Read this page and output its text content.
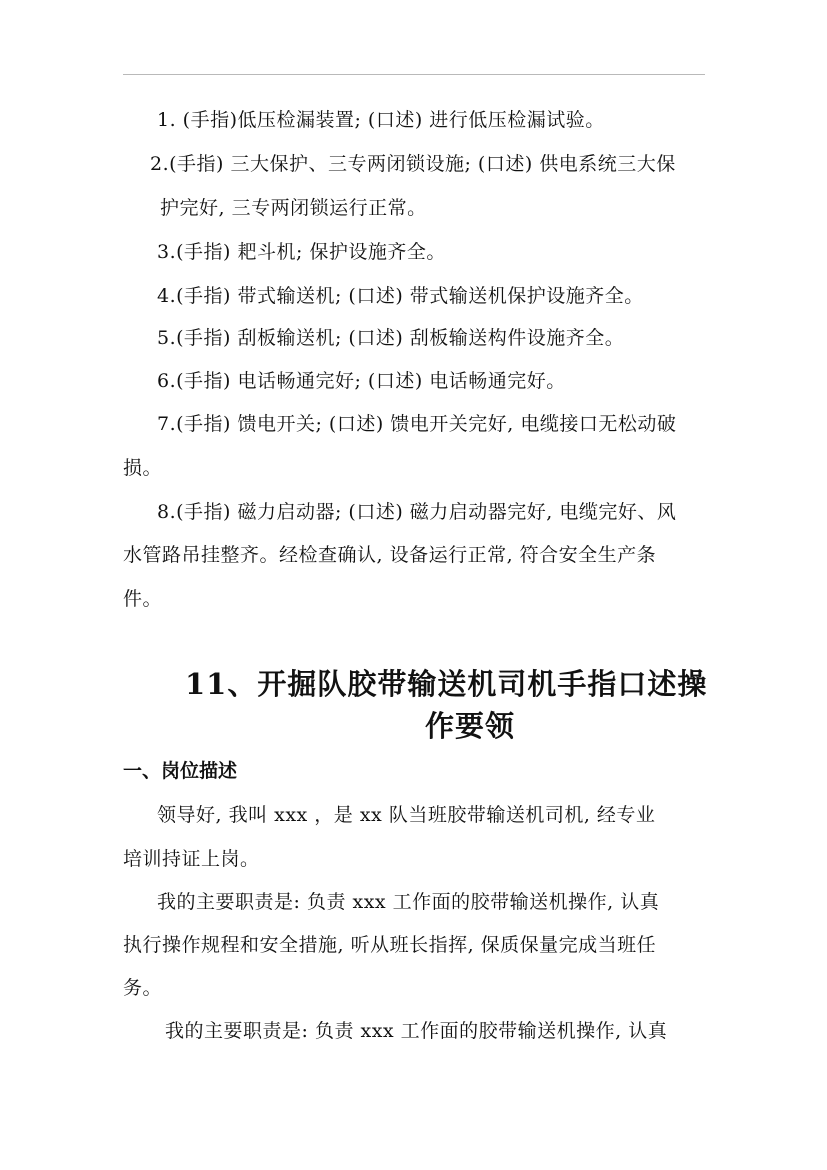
1. (手指)低压检漏装置; (口述) 进行低压检漏试验。
2.(手指) 三大保护、三专两闭锁设施; (口述) 供电系统三大保
护完好, 三专两闭锁运行正常。
3.(手指) 耙斗机; 保护设施齐全。
4.(手指) 带式输送机; (口述) 带式输送机保护设施齐全。
5.(手指) 刮板输送机; (口述) 刮板输送构件设施齐全。
6.(手指) 电话畅通完好; (口述) 电话畅通完好。
7.(手指) 馈电开关; (口述) 馈电开关完好, 电缆接口无松动破
损。
8.(手指) 磁力启动器; (口述) 磁力启动器完好, 电缆完好、风
水管路吊挂整齐。经检查确认, 设备运行正常, 符合安全生产条
件。
11、开掘队胶带输送机司机手指口述操
作要领
一、岗位描述
领导好, 我叫 xxx ，是 xx 队当班胶带输送机司机, 经专业
培训持证上岗。
我的主要职责是: 负责 xxx 工作面的胶带输送机操作, 认真
执行操作规程和安全措施, 听从班长指挥, 保质保量完成当班任
务。
我的主要职责是: 负责 xxx 工作面的胶带输送机操作, 认真
